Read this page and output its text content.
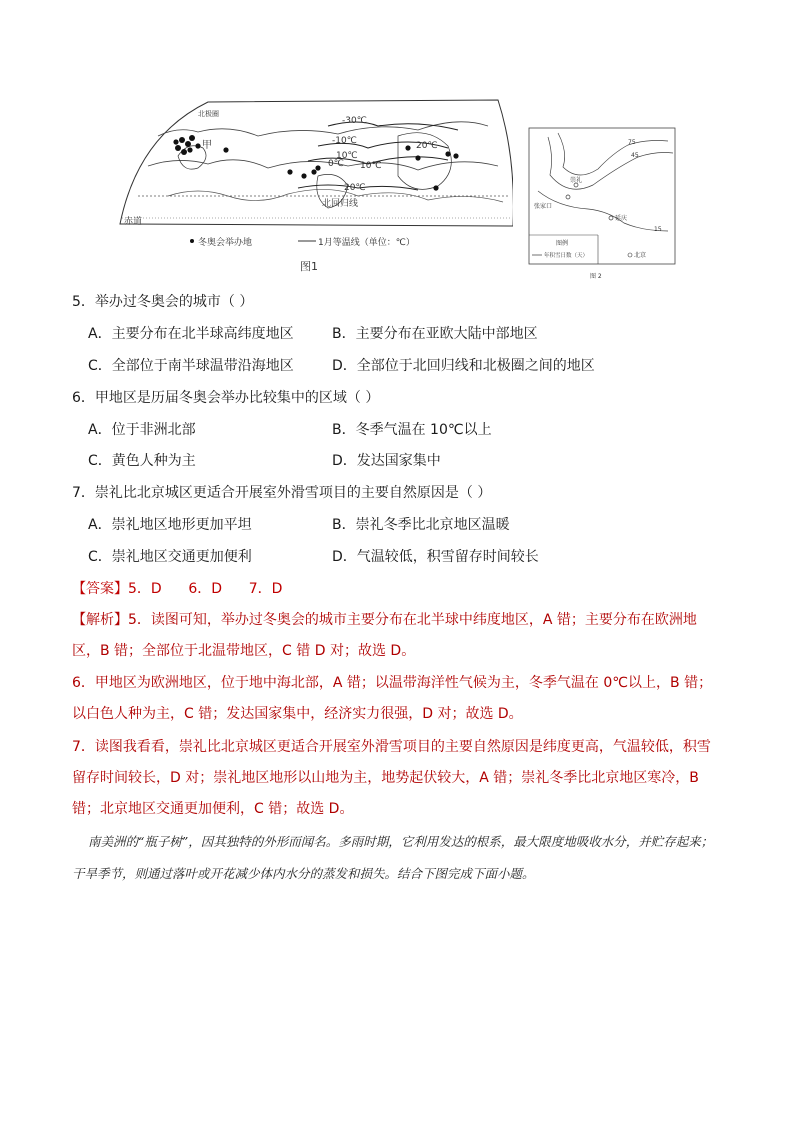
-30℃
-10℃
10℃
0℃ 10℃
20℃
20℃
甲
北极圈
北回归线
赤道
冬奥会举办地	1月等温线（单位：℃）
图1
75
45
15
崇礼
张家口
延庆
图例
年积雪日数（天）	北京
图 2
5．举办过冬奥会的城市（ ）
A．主要分布在北半球高纬度地区	B．主要分布在亚欧大陆中部地区
C．全部位于南半球温带沿海地区	D．全部位于北回归线和北极圈之间的地区
6．甲地区是历届冬奥会举办比较集中的区域（ ）
A．位于非洲北部	B．冬季气温在 10℃以上
C．黄色人种为主	D．发达国家集中
7．崇礼比北京城区更适合开展室外滑雪项目的主要自然原因是（ ）
A．崇礼地区地形更加平坦	B．崇礼冬季比北京地区温暖
C．崇礼地区交通更加便利	D．气温较低，积雪留存时间较长
【答案】5．D      6．D      7．D
【解析】5．读图可知，举办过冬奥会的城市主要分布在北半球中纬度地区，A 错；主要分布在欧洲地区，B 错；全部位于北温带地区，C 错 D 对；故选 D。
6．甲地区为欧洲地区，位于地中海北部，A 错；以温带海洋性气候为主，冬季气温在 0℃以上，B 错；以白色人种为主，C 错；发达国家集中，经济实力很强，D 对；故选 D。
7．读图我看看，崇礼比北京城区更适合开展室外滑雪项目的主要自然原因是纬度更高，气温较低，积雪留存时间较长，D 对；崇礼地区地形以山地为主，地势起伏较大，A 错；崇礼冬季比北京地区寒冷，B 错；北京地区交通更加便利，C 错；故选 D。
南美洲的“瓶子树”，因其独特的外形而闻名。多雨时期，它利用发达的根系，最大限度地吸收水分，并贮存起来；干旱季节，则通过落叶或开花减少体内水分的蒸发和损失。结合下图完成下面小题。
